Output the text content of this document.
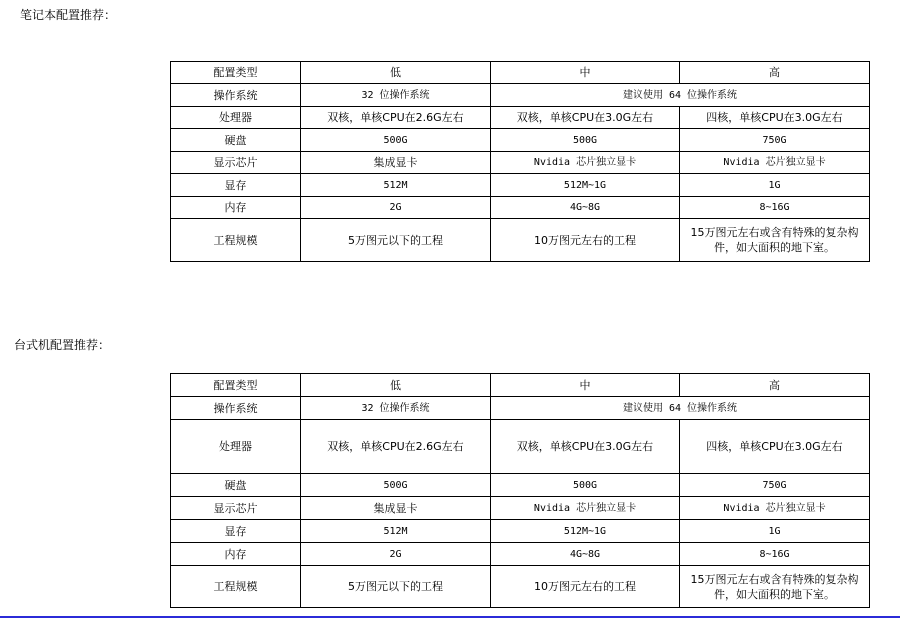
笔记本配置推荐：
配置类型	低	中	高
操作系统	32 位操作系统	建议使用 64 位操作系统	
处理器	双核，单核CPU在2.6G左右	双核，单核CPU在3.0G左右	四核，单核CPU在3.0G左右
硬盘	500G	500G	750G
显示芯片	集成显卡	Nvidia 芯片独立显卡	Nvidia 芯片独立显卡
显存	512M	512M~1G	1G
内存	2G	4G~8G	8~16G
工程规模	5万图元以下的工程	10万图元左右的工程	15万图元左右或含有特殊的复杂构件，如大面积的地下室。
台式机配置推荐：
配置类型	低	中	高
操作系统	32 位操作系统	建议使用 64 位操作系统	
处理器	双核，单核CPU在2.6G左右	双核，单核CPU在3.0G左右	四核，单核CPU在3.0G左右
硬盘	500G	500G	750G
显示芯片	集成显卡	Nvidia 芯片独立显卡	Nvidia 芯片独立显卡
显存	512M	512M~1G	1G
内存	2G	4G~8G	8~16G
工程规模	5万图元以下的工程	10万图元左右的工程	15万图元左右或含有特殊的复杂构件，如大面积的地下室。
